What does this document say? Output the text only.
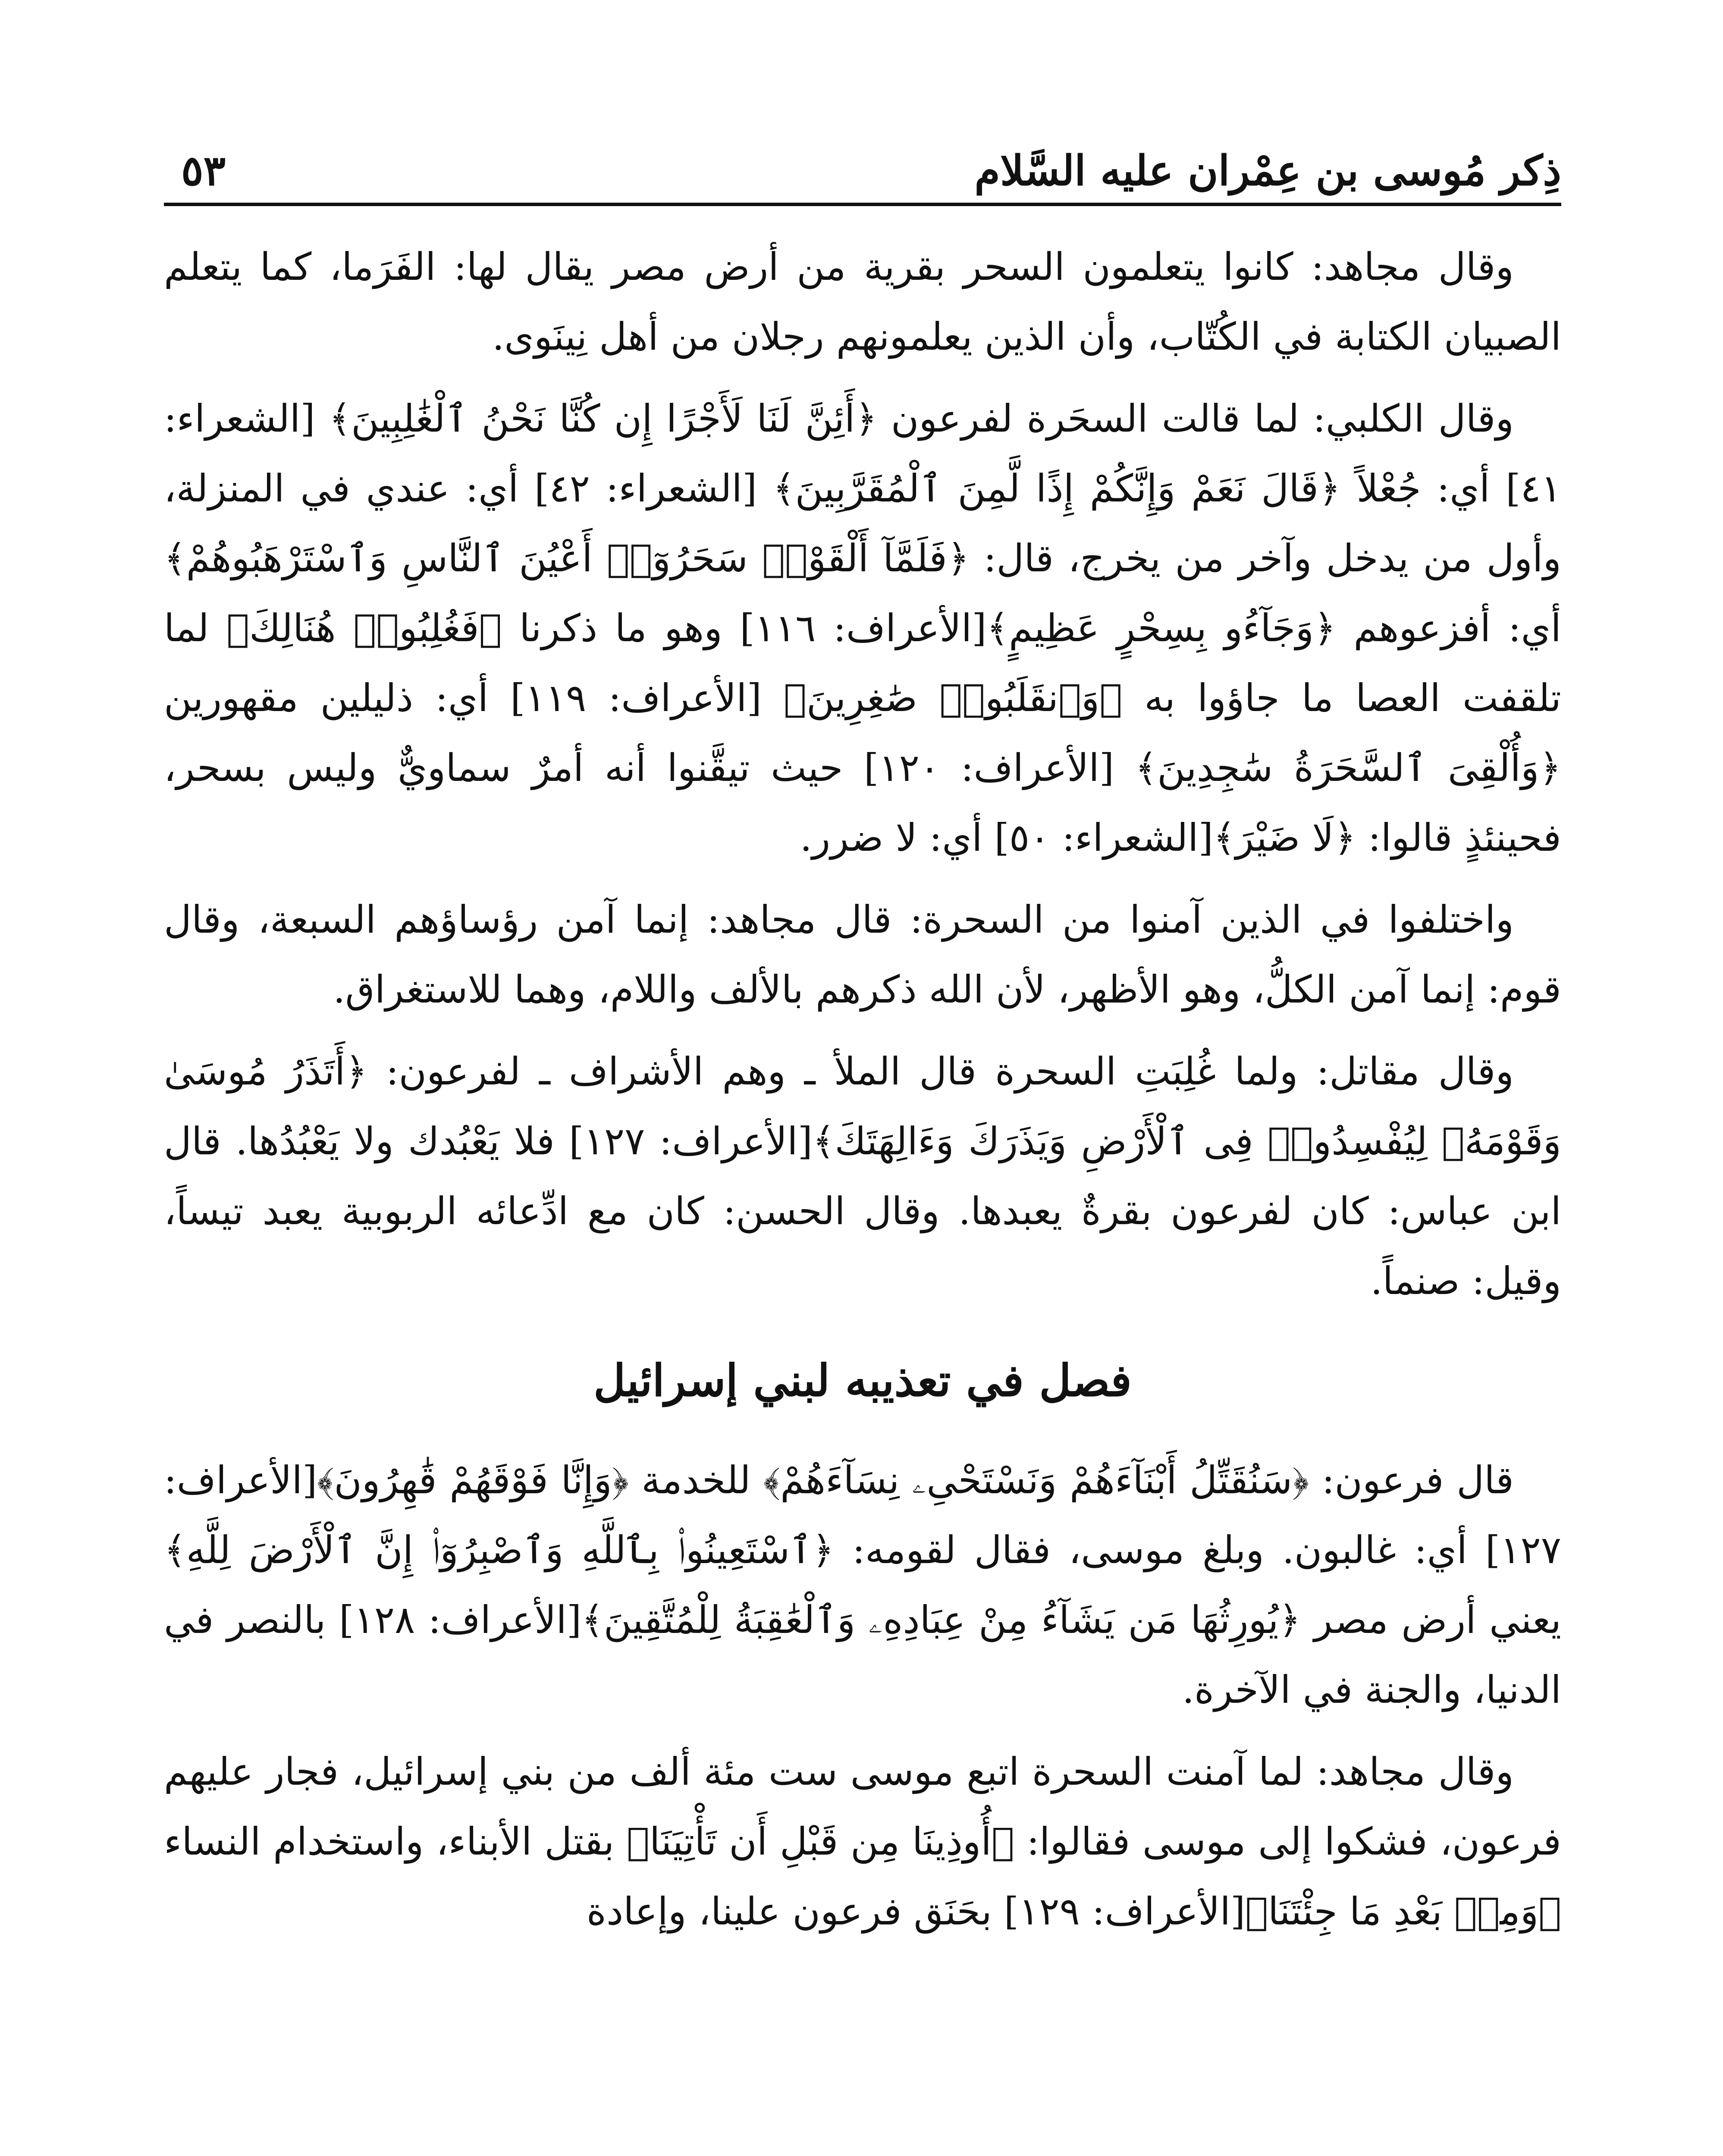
ذِكر مُوسى بن عِمْران عليه السَّلام
٥٣

وقال مجاهد: كانوا يتعلمون السحر بقرية من أرض مصر يقال لها: الفَرَما، كما يتعلم الصبيان الكتابة في الكُتّاب، وأن الذين يعلمونهم رجلان من أهل نِينَوى.

وقال الكلبي: لما قالت السحَرة لفرعون ﴿أَئِنَّ لَنَا لَأَجْرًا إِن كُنَّا نَحْنُ ٱلْغَٰلِبِينَ﴾ [الشعراء: ٤١] أي: جُعْلاً ﴿قَالَ نَعَمْ وَإِنَّكُمْ إِذًا لَّمِنَ ٱلْمُقَرَّبِينَ﴾ [الشعراء: ٤٢] أي: عندي في المنزلة، وأول من يدخل وآخر من يخرج، قال: ﴿فَلَمَّآ أَلْقَوْا۟ سَحَرُوٓا۟ أَعْيُنَ ٱلنَّاسِ وَٱسْتَرْهَبُوهُمْ﴾ أي: أفزعوهم ﴿وَجَآءُو بِسِحْرٍ عَظِيمٍ﴾[الأعراف: ١١٦] وهو ما ذكرنا ﴿فَغُلِبُوا۟ هُنَالِكَ﴾ لما تلقفت العصا ما جاؤوا به ﴿وَٱنقَلَبُوا۟ صَٰغِرِينَ﴾ [الأعراف: ١١٩] أي: ذليلين مقهورين ﴿وَأُلْقِىَ ٱلسَّحَرَةُ سَٰجِدِينَ﴾ [الأعراف: ١٢٠] حيث تيقَّنوا أنه أمرٌ سماويٌّ وليس بسحر، فحينئذٍ قالوا: ﴿لَا ضَيْرَ﴾[الشعراء: ٥٠] أي: لا ضرر.

واختلفوا في الذين آمنوا من السحرة: قال مجاهد: إنما آمن رؤساؤهم السبعة، وقال قوم: إنما آمن الكلُّ، وهو الأظهر، لأن الله ذكرهم بالألف واللام، وهما للاستغراق.

وقال مقاتل: ولما غُلِبَتِ السحرة قال الملأ ـ وهم الأشراف ـ لفرعون: ﴿أَتَذَرُ مُوسَىٰ وَقَوْمَهُۥ لِيُفْسِدُوا۟ فِى ٱلْأَرْضِ وَيَذَرَكَ وَءَالِهَتَكَ﴾[الأعراف: ١٢٧] فلا يَعْبُدك ولا يَعْبُدُها. قال ابن عباس: كان لفرعون بقرةٌ يعبدها. وقال الحسن: كان مع ادِّعائه الربوبية يعبد تيساً، وقيل: صنماً.

فصل في تعذيبه لبني إسرائيل

قال فرعون: ﴿سَنُقَتِّلُ أَبْنَآءَهُمْ وَنَسْتَحْىِۦ نِسَآءَهُمْ﴾ للخدمة ﴿وَإِنَّا فَوْقَهُمْ قَٰهِرُونَ﴾[الأعراف: ١٢٧] أي: غالبون. وبلغ موسى، فقال لقومه: ﴿ٱسْتَعِينُوا۟ بِٱللَّهِ وَٱصْبِرُوٓا۟ إِنَّ ٱلْأَرْضَ لِلَّهِ﴾ يعني أرض مصر ﴿يُورِثُهَا مَن يَشَآءُ مِنْ عِبَادِهِۦ وَٱلْعَٰقِبَةُ لِلْمُتَّقِينَ﴾[الأعراف: ١٢٨] بالنصر في الدنيا، والجنة في الآخرة.

وقال مجاهد: لما آمنت السحرة اتبع موسى ست مئة ألف من بني إسرائيل، فجار عليهم فرعون، فشكوا إلى موسى فقالوا: ﴿أُوذِينَا مِن قَبْلِ أَن تَأْتِيَنَا﴾ بقتل الأبناء، واستخدام النساء ﴿وَمِنۢ بَعْدِ مَا جِئْتَنَا﴾[الأعراف: ١٢٩] بحَنَق فرعون علينا، وإعادة
